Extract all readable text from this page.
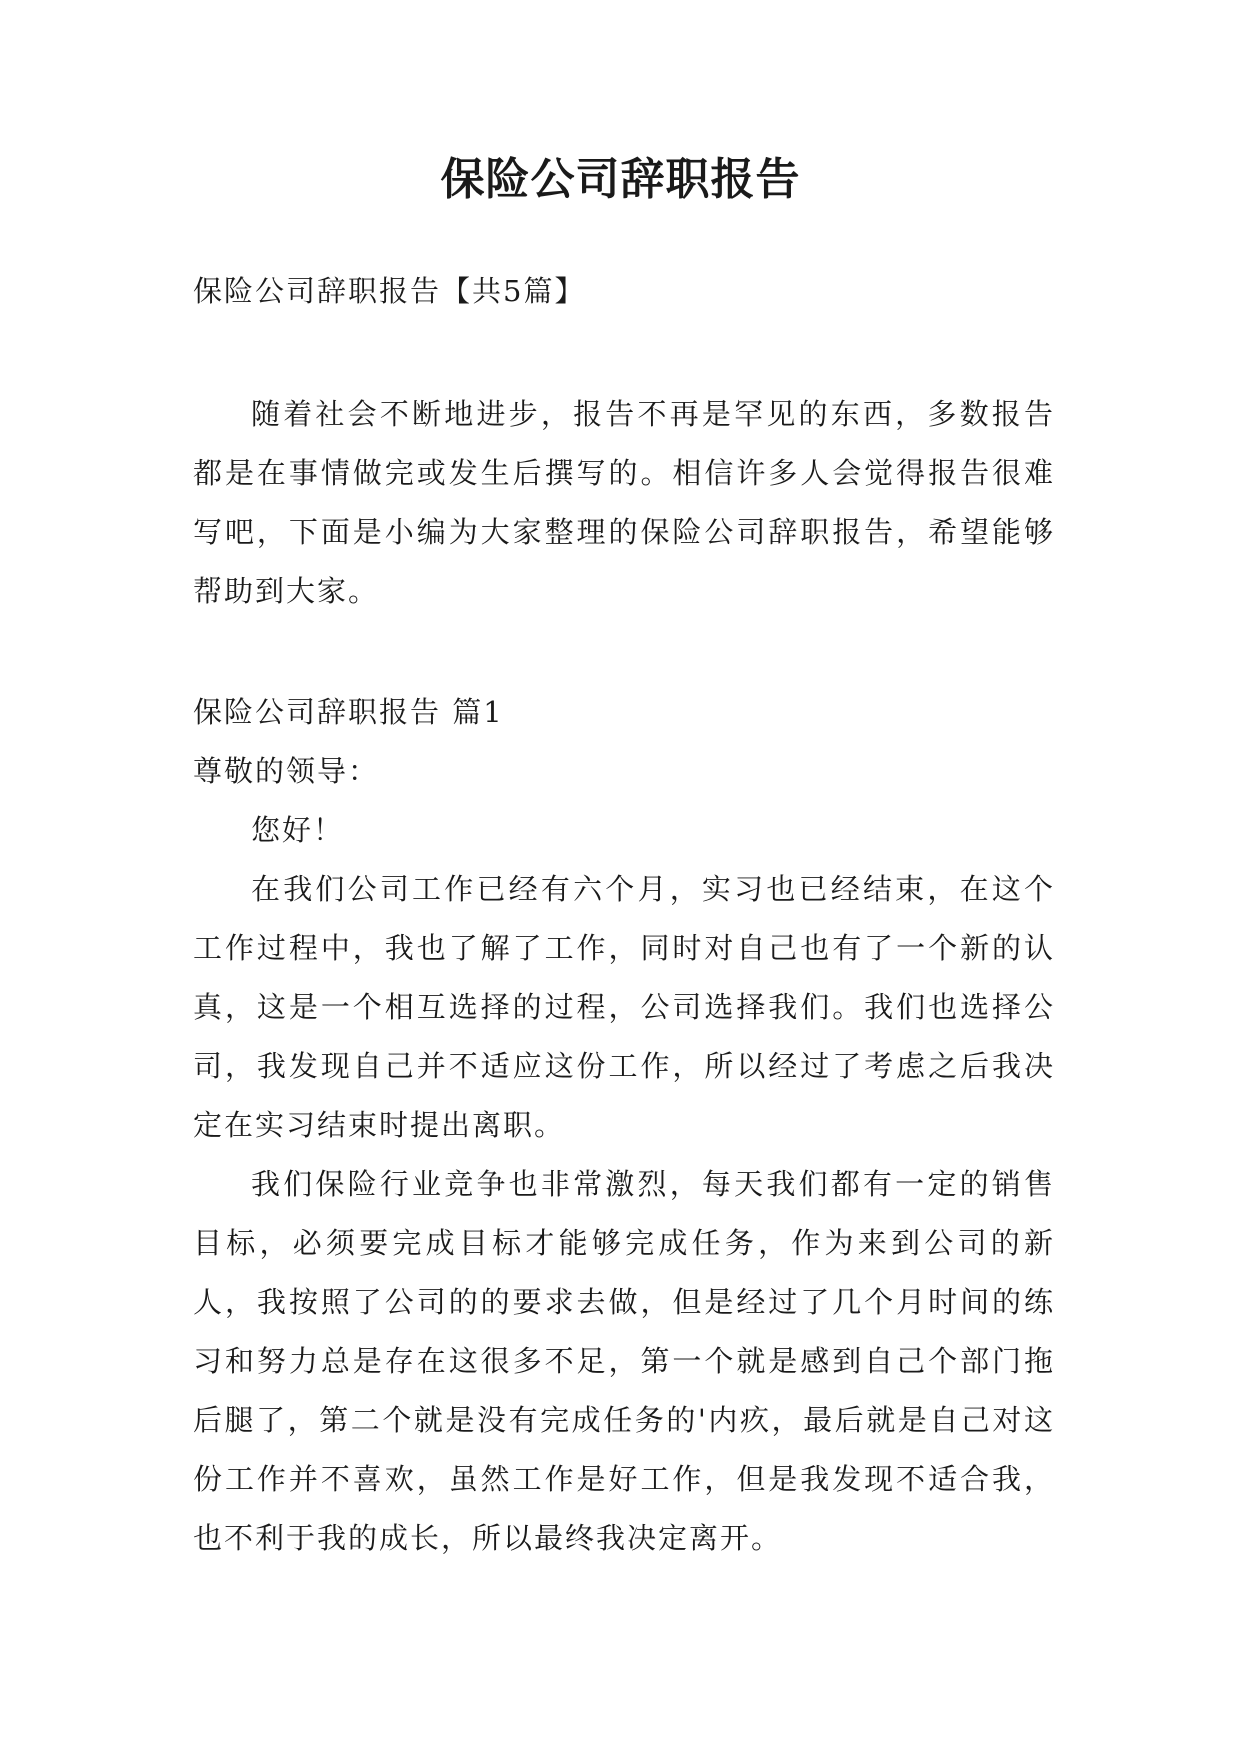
保险公司辞职报告

保险公司辞职报告【共5篇】

随着社会不断地进步，报告不再是罕见的东西，多数报告都是在事情做完或发生后撰写的。相信许多人会觉得报告很难写吧，下面是小编为大家整理的保险公司辞职报告，希望能够帮助到大家。

保险公司辞职报告 篇1

尊敬的领导：

您好！

在我们公司工作已经有六个月，实习也已经结束，在这个工作过程中，我也了解了工作，同时对自己也有了一个新的认真，这是一个相互选择的过程，公司选择我们。我们也选择公司，我发现自己并不适应这份工作，所以经过了考虑之后我决定在实习结束时提出离职。

我们保险行业竞争也非常激烈，每天我们都有一定的销售目标，必须要完成目标才能够完成任务，作为来到公司的新人，我按照了公司的的要求去做，但是经过了几个月时间的练习和努力总是存在这很多不足，第一个就是感到自己个部门拖后腿了，第二个就是没有完成任务的'内疚，最后就是自己对这份工作并不喜欢，虽然工作是好工作，但是我发现不适合我，也不利于我的成长，所以最终我决定离开。
